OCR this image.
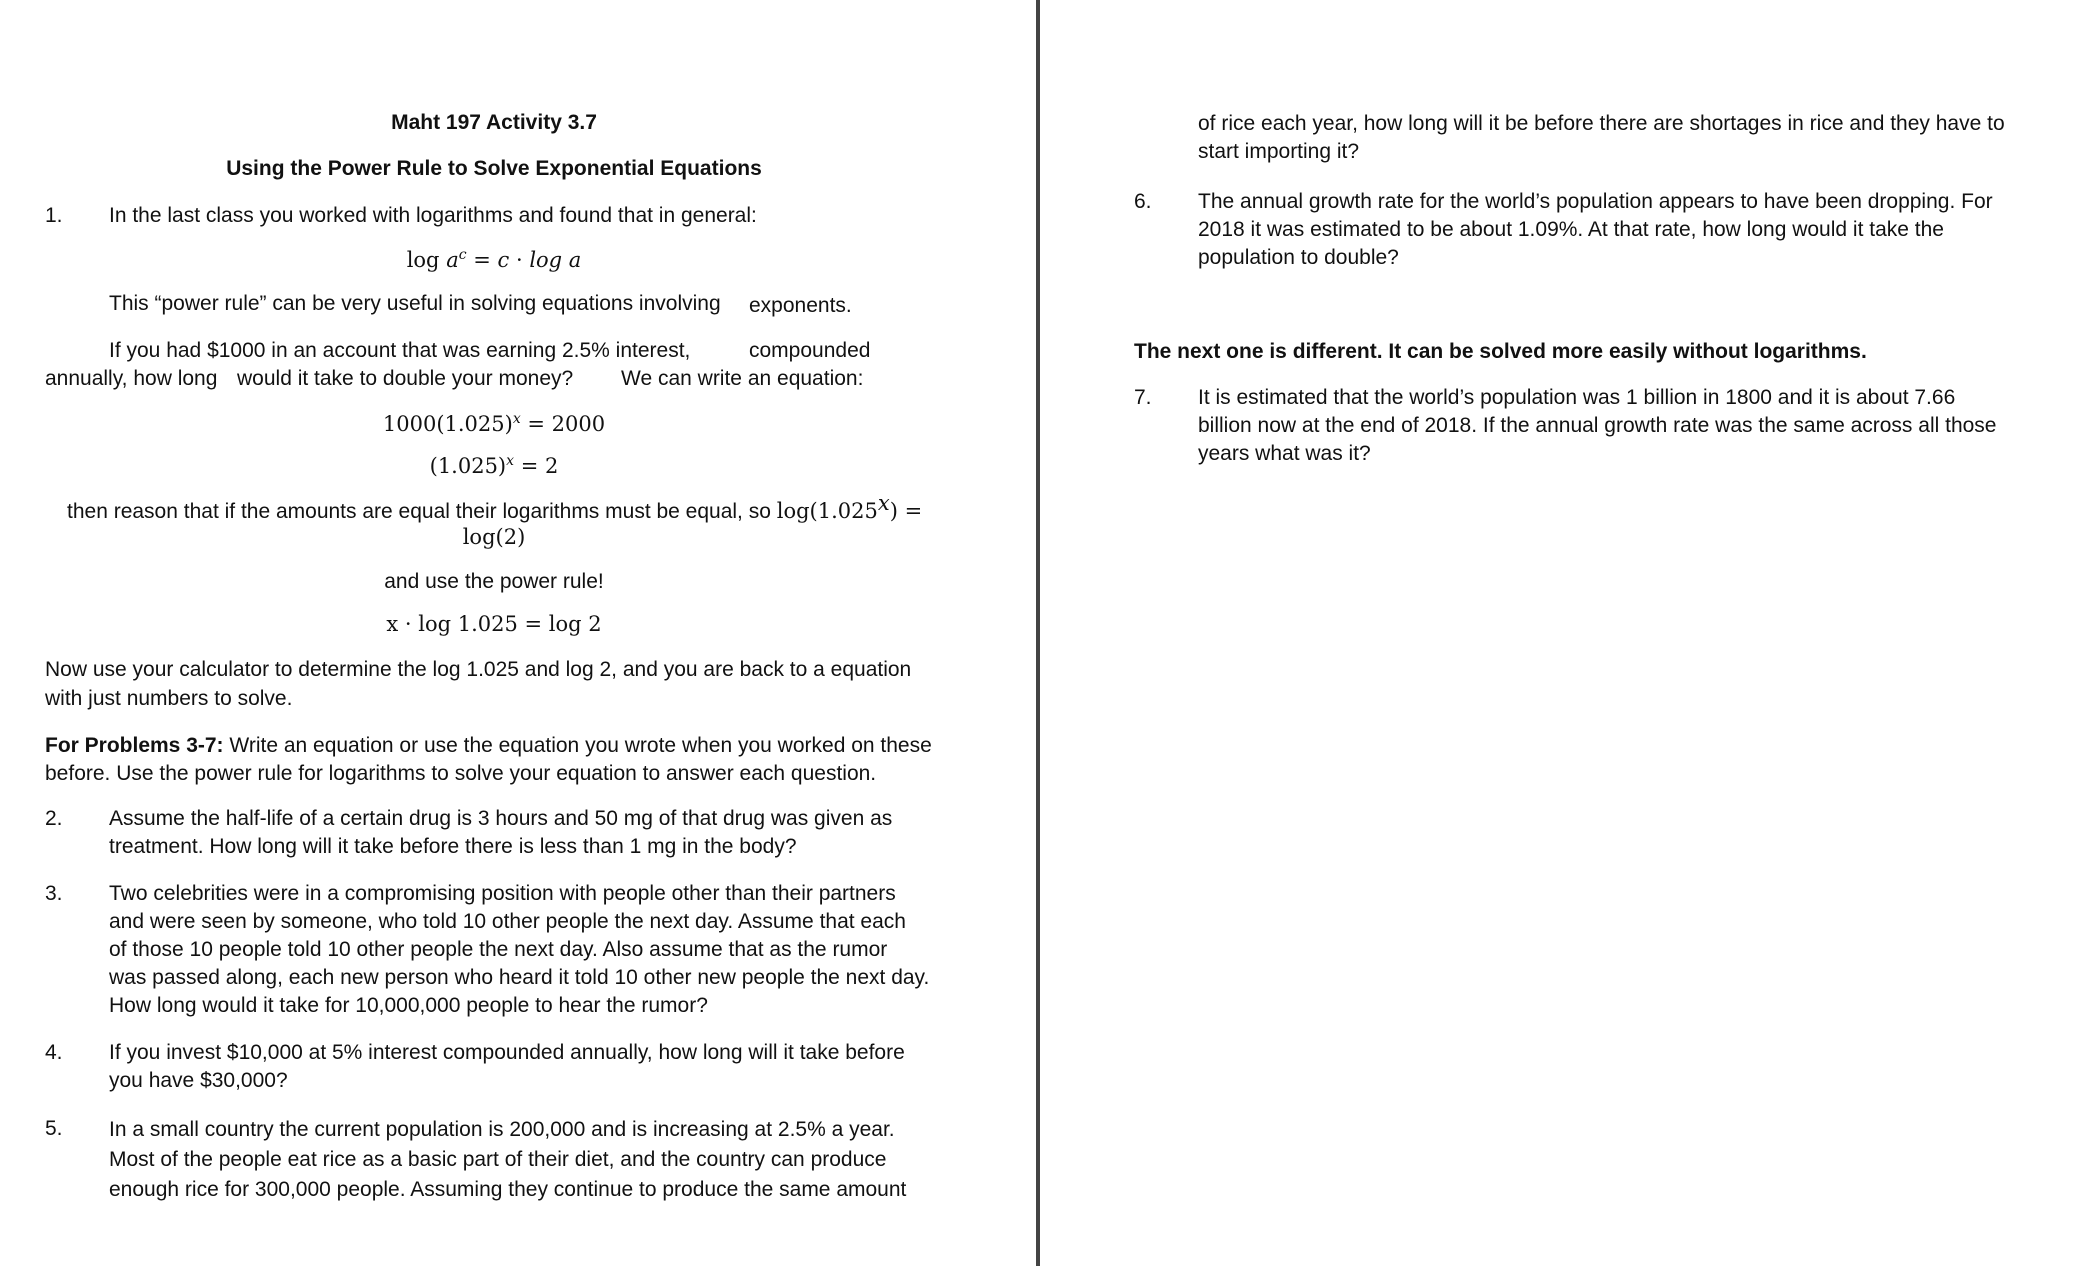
Maht 197 Activity 3.7
Using the Power Rule to Solve Exponential Equations
1. In the last class you worked with logarithms and found that in general:
$\log a^c = c \cdot \log a$
This “power rule” can be very useful in solving equations involving exponents.
If you had $1000 in an account that was earning 2.5% interest,	compounded
annually, how long would it take to double your money? We can write an equation:
$1000(1.025)^x = 2000$
$(1.025)^x = 2$
then reason that if the amounts are equal their logarithms must be equal, so $\log(1.025^x)$ =
log(2)
and use the power rule!
x · log 1.025 = log 2
Now use your calculator to determine the log 1.025 and log 2, and you are back to a equation
with just numbers to solve.
For Problems 3-7: Write an equation or use the equation you wrote when you worked on these
before. Use the power rule for logarithms to solve your equation to answer each question.
2. Assume the half-life of a certain drug is 3 hours and 50 mg of that drug was given as
treatment. How long will it take before there is less than 1 mg in the body?
3. Two celebrities were in a compromising position with people other than their partners
and were seen by someone, who told 10 other people the next day. Assume that each
of those 10 people told 10 other people the next day. Also assume that as the rumor
was passed along, each new person who heard it told 10 other new people the next day.
How long would it take for 10,000,000 people to hear the rumor?
4. If you invest $10,000 at 5% interest compounded annually, how long will it take before
you have $30,000?
5. In a small country the current population is 200,000 and is increasing at 2.5% a year.
Most of the people eat rice as a basic part of their diet, and the country can produce
enough rice for 300,000 people. Assuming they continue to produce the same amount
of rice each year, how long will it be before there are shortages in rice and they have to
start importing it?
6. The annual growth rate for the world’s population appears to have been dropping. For
2018 it was estimated to be about 1.09%. At that rate, how long would it take the
population to double?
The next one is different. It can be solved more easily without logarithms.
7. It is estimated that the world’s population was 1 billion in 1800 and it is about 7.66
billion now at the end of 2018. If the annual growth rate was the same across all those
years what was it?
